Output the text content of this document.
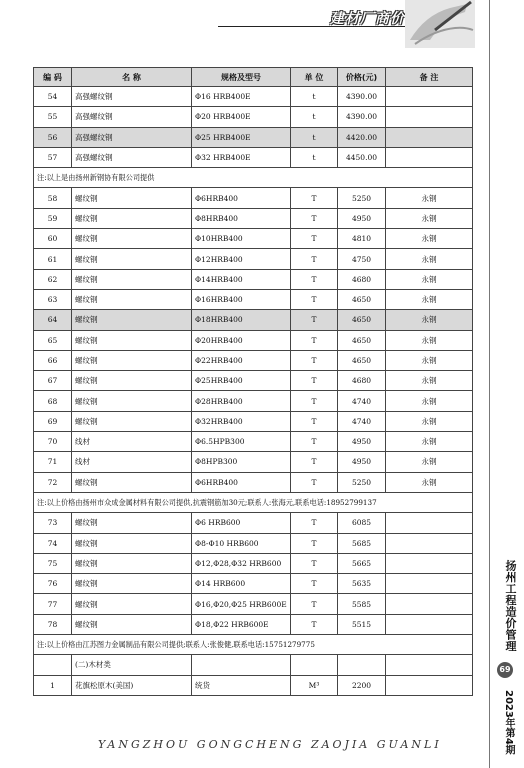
建材厂商价
编 码	名 称	规格及型号	单 位	价格(元)	备 注
54	高强螺纹钢	Φ16 HRB400E	t	4390.00	
55	高强螺纹钢	Φ20 HRB400E	t	4390.00	
56	高强螺纹钢	Φ25 HRB400E	t	4420.00	
57	高强螺纹钢	Φ32 HRB400E	t	4450.00	
注:以上是由扬州新钢协有限公司提供					
58	螺纹钢	Φ6HRB400	T	5250	永钢
59	螺纹钢	Φ8HRB400	T	4950	永钢
60	螺纹钢	Φ10HRB400	T	4810	永钢
61	螺纹钢	Φ12HRB400	T	4750	永钢
62	螺纹钢	Φ14HRB400	T	4680	永钢
63	螺纹钢	Φ16HRB400	T	4650	永钢
64	螺纹钢	Φ18HRB400	T	4650	永钢
65	螺纹钢	Φ20HRB400	T	4650	永钢
66	螺纹钢	Φ22HRB400	T	4650	永钢
67	螺纹钢	Φ25HRB400	T	4680	永钢
68	螺纹钢	Φ28HRB400	T	4740	永钢
69	螺纹钢	Φ32HRB400	T	4740	永钢
70	线材	Φ6.5HPB300	T	4950	永钢
71	线材	Φ8HPB300	T	4950	永钢
72	螺纹钢	Φ6HRB400	T	5250	永钢
注:以上价格由扬州市众成金属材料有限公司提供,抗震钢筋加30元;联系人:张海元,联系电话:18952799137					
73	螺纹钢	Φ6 HRB600	T	6085	
74	螺纹钢	Φ8-Φ10 HRB600	T	5685	
75	螺纹钢	Φ12,Φ28,Φ32 HRB600	T	5665	
76	螺纹钢	Φ14 HRB600	T	5635	
77	螺纹钢	Φ16,Φ20,Φ25 HRB600E	T	5585	
78	螺纹钢	Φ18,Φ22 HRB600E	T	5515	
注:以上价格由江苏图力金属制品有限公司提供;联系人:张俊健,联系电话:15751279775					
	(二)木材类				
1	花旗松原木(美国)	统货	M³	2200	
扬州工程造价管理
69
2023年第4期
YANGZHOU GONGCHENG ZAOJIA GUANLI
